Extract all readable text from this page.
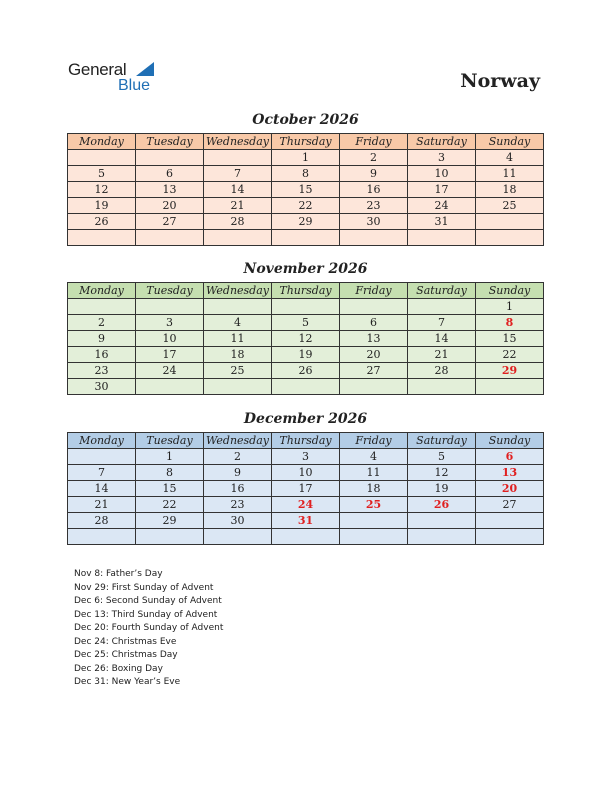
General
Blue	Norway
October 2026
Monday	Tuesday	Wednesday	Thursday	Friday	Saturday	Sunday
			1	2	3	4
5	6	7	8	9	10	11
12	13	14	15	16	17	18
19	20	21	22	23	24	25
26	27	28	29	30	31	

November 2026
Monday	Tuesday	Wednesday	Thursday	Friday	Saturday	Sunday
						1
2	3	4	5	6	7	8
9	10	11	12	13	14	15
16	17	18	19	20	21	22
23	24	25	26	27	28	29
30						
December 2026
Monday	Tuesday	Wednesday	Thursday	Friday	Saturday	Sunday
	1	2	3	4	5	6
7	8	9	10	11	12	13
14	15	16	17	18	19	20
21	22	23	24	25	26	27
28	29	30	31			

Nov 8: Father’s Day
Nov 29: First Sunday of Advent
Dec 6: Second Sunday of Advent
Dec 13: Third Sunday of Advent
Dec 20: Fourth Sunday of Advent
Dec 24: Christmas Eve
Dec 25: Christmas Day
Dec 26: Boxing Day
Dec 31: New Year’s Eve
